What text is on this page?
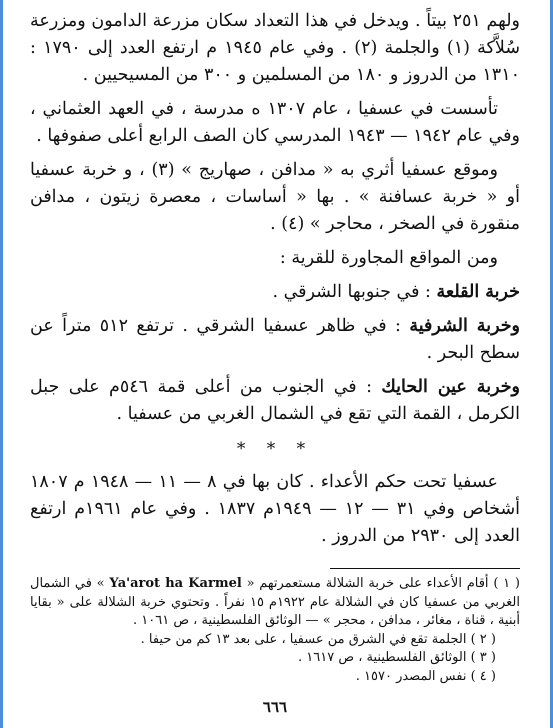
ولهم ٢٥١ بيتاً . ويدخل في هذا التعداد سكان مزرعة الدامون ومزرعة سُلاَّكة (١) والجلمة (٢) . وفي عام ١٩٤٥ م ارتفع العدد إلى ١٧٩٠ : ١٣١٠ من الدروز و ١٨٠ من المسلمين و ٣٠٠ من المسيحيين .

تأسست في عسفيا ، عام ١٣٠٧ ه مدرسة ، في العهد العثماني ، وفي عام ١٩٤٢ — ١٩٤٣ المدرسي كان الصف الرابع أعلى صفوفها .

وموقع عسفيا أثري به « مدافن ، صهاريج » (٣) ، و خربة عسفيا أو « خربة عسافنة » . بها « أساسات ، معصرة زيتون ، مدافن منقورة في الصخر ، محاجر » (٤) .

ومن المواقع المجاورة للقرية :

خربة القلعة : في جنوبها الشرقي .

وخربة الشرفية : في ظاهر عسفيا الشرقي . ترتفع ٥١٢ متراً عن سطح البحر .

وخربة عين الحايك : في الجنوب من أعلى قمة ٥٤٦م على جبل الكرمل ، القمة التي تقع في الشمال الغربي من عسفيا .

* * *

عسفيا تحت حكم الأعداء . كان بها في ٨ — ١١ — ١٩٤٨ م ١٨٠٧ أشخاص وفي ٣١ — ١٢ — ١٩٤٩م ١٨٣٧ . وفي عام ١٩٦١م ارتفع العدد إلى ٢٩٣٠ من الدروز .

( ١ ) أقام الأعداء على خربة الشلالة مستعمرتهم « Ya'arot ha Karmel » في الشمال الغربي من عسفيا كان في الشلالة عام ١٩٢٢م ١٥ نفراً . وتحتوي خربة الشلالة على « بقايا أبنية ، قناة ، مغائر ، مدافن ، محجر » — الوثائق الفلسطينية ، ص ١٠٦١ .

( ٢ ) الجلمة تقع في الشرق من عسفيا ، على بعد ١٣ كم من حيفا .

( ٣ ) الوثائق الفلسطينية ، ص ١٦١٧ .

( ٤ ) نفس المصدر ١٥٧٠ .

٦٦٦
